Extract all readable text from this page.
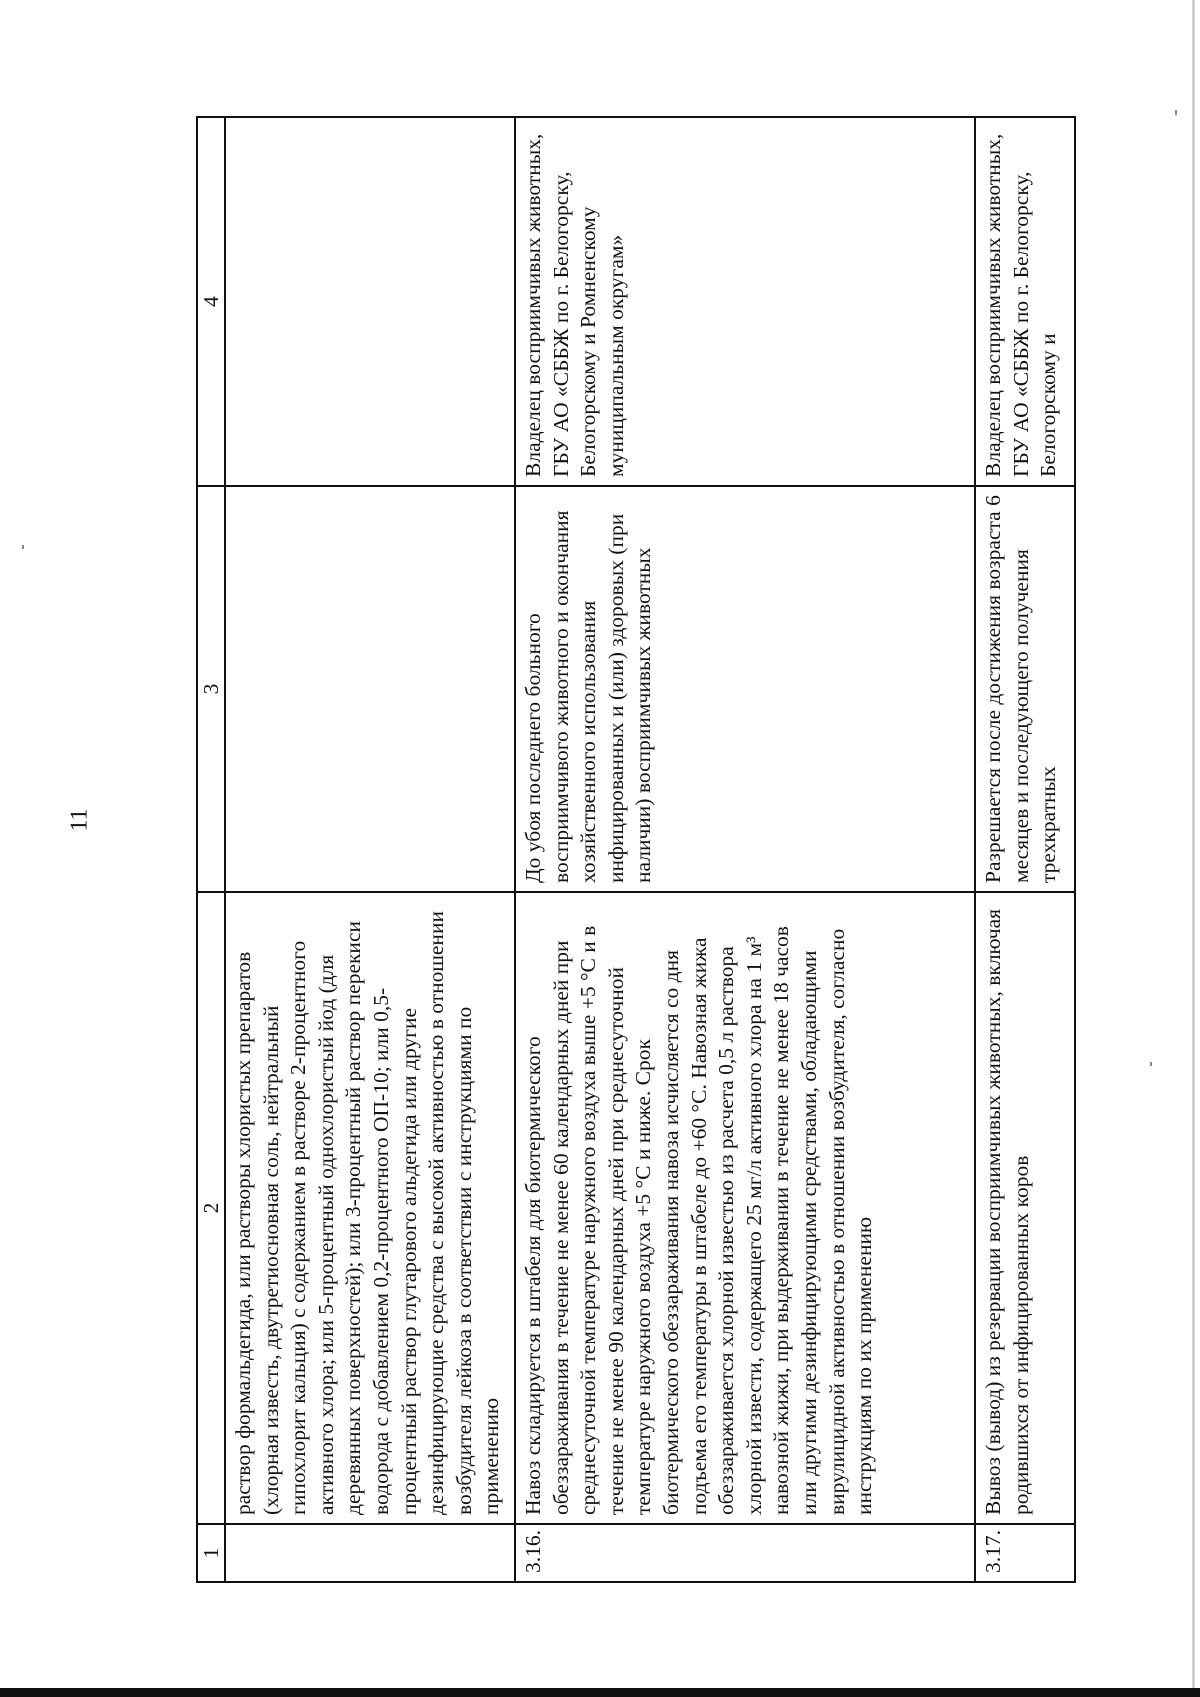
11
1	2	3	4
	раствор формальдегида, или растворы хлористых препаратов (хлорная известь, двутретиосновная соль, нейтральный гипохлорит кальция) с содержанием в растворе 2-процентного активного хлора; или 5-процентный однохлористый йод (для деревянных поверхностей); или 3-процентный раствор перекиси водорода с добавлением 0,2-процентного ОП-10; или 0,5-процентный раствор глутарового альдегида или другие дезинфицирующие средства с высокой активностью в отношении возбудителя лейкоза в соответствии с инструкциями по применению		
3.16.	Навоз складируется в штабеля для биотермического обеззараживания в течение не менее 60 календарных дней при среднесуточной температуре наружного воздуха выше +5 °С и в течение не менее 90 календарных дней при среднесуточной температуре наружного воздуха +5 °С и ниже. Срок биотермического обеззараживания навоза исчисляется со дня подъема его температуры в штабеле до +60 °С. Навозная жижа обеззараживается хлорной известью из расчета 0,5 л раствора хлорной извести, содержащего 25 мг/л активного хлора на 1 м³ навозной жижи, при выдерживании в течение не менее 18 часов или другими дезинфицирующими средствами, обладающими вирулицидной активностью в отношении возбудителя, согласно инструкциям по их применению	До убоя последнего больного восприимчивого животного и окончания хозяйственного использования инфицированных и (или) здоровых (при наличии) восприимчивых животных	Владелец восприимчивых животных, ГБУ АО «СББЖ по г. Белогорску, Белогорскому и Ромненскому муниципальным округам»
3.17.	Вывоз (вывод) из резервации восприимчивых животных, включая родившихся от инфицированных коров	Разрешается после достижения возраста 6 месяцев и последующего получения трехкратных	Владелец восприимчивых животных, ГБУ АО «СББЖ по г. Белогорску, Белогорскому и
